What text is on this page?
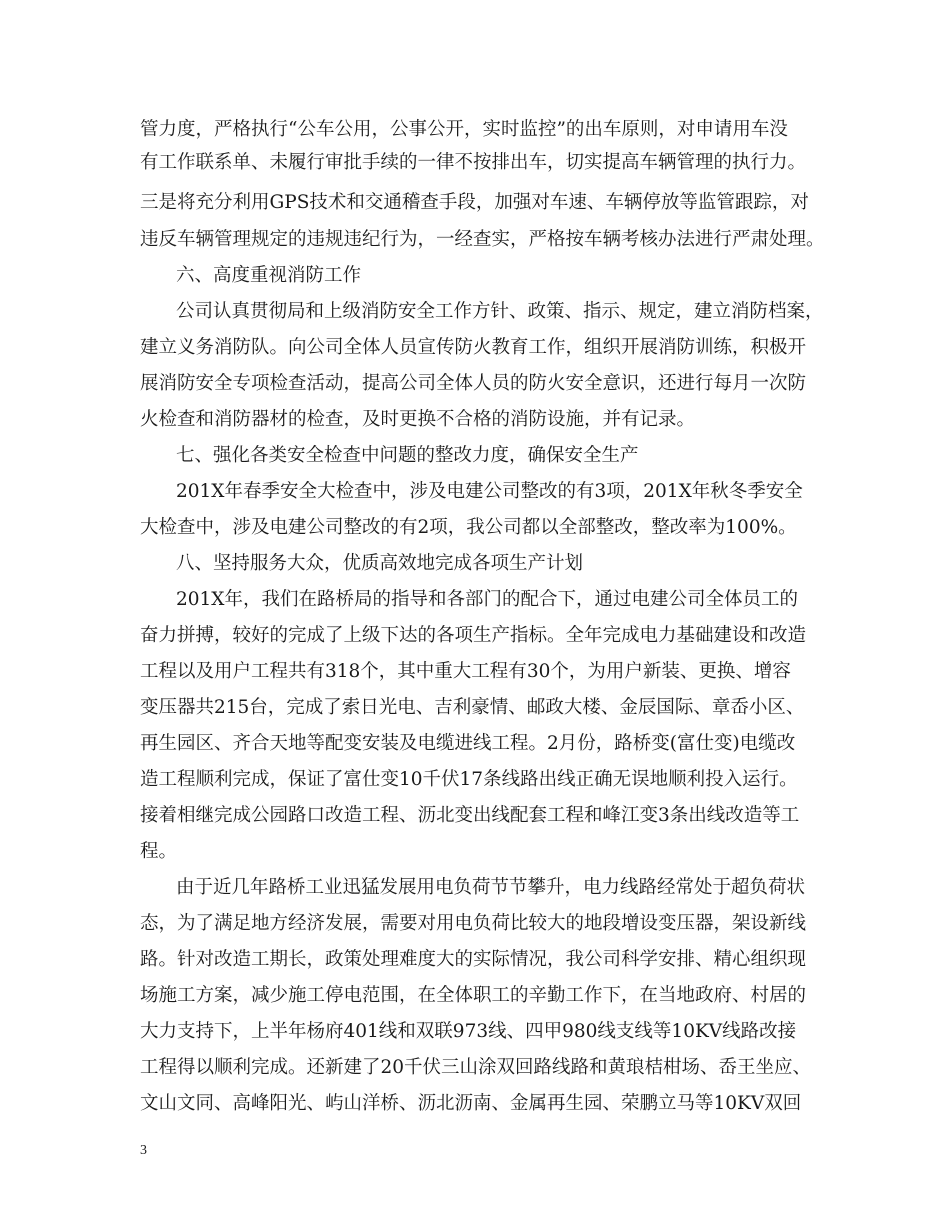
管力度，严格执行“公车公用，公事公开，实时监控”的出车原则，对申请用车没
有工作联系单、未履行审批手续的一律不按排出车，切实提高车辆管理的执行力。
三是将充分利用GPS技术和交通稽查手段，加强对车速、车辆停放等监管跟踪，对
违反车辆管理规定的违规违纪行为，一经查实，严格按车辆考核办法进行严肃处理。
六、高度重视消防工作
公司认真贯彻局和上级消防安全工作方针、政策、指示、规定，建立消防档案，
建立义务消防队。向公司全体人员宣传防火教育工作，组织开展消防训练，积极开
展消防安全专项检查活动，提高公司全体人员的防火安全意识，还进行每月一次防
火检查和消防器材的检查，及时更换不合格的消防设施，并有记录。
七、强化各类安全检查中问题的整改力度，确保安全生产
201X年春季安全大检查中，涉及电建公司整改的有3项，201X年秋冬季安全
大检查中，涉及电建公司整改的有2项，我公司都以全部整改，整改率为100%。
八、坚持服务大众，优质高效地完成各项生产计划
201X年，我们在路桥局的指导和各部门的配合下，通过电建公司全体员工的
奋力拼搏，较好的完成了上级下达的各项生产指标。全年完成电力基础建设和改造
工程以及用户工程共有318个，其中重大工程有30个，为用户新装、更换、增容
变压器共215台，完成了索日光电、吉利豪情、邮政大楼、金辰国际、章岙小区、
再生园区、齐合天地等配变安装及电缆进线工程。2月份，路桥变(富仕变)电缆改
造工程顺利完成，保证了富仕变10千伏17条线路出线正确无误地顺利投入运行。
接着相继完成公园路口改造工程、沥北变出线配套工程和峰江变3条出线改造等工
程。
由于近几年路桥工业迅猛发展用电负荷节节攀升，电力线路经常处于超负荷状
态，为了满足地方经济发展，需要对用电负荷比较大的地段增设变压器，架设新线
路。针对改造工期长，政策处理难度大的实际情况，我公司科学安排、精心组织现
场施工方案，减少施工停电范围，在全体职工的辛勤工作下，在当地政府、村居的
大力支持下，上半年杨府401线和双联973线、四甲980线支线等10KV线路改接
工程得以顺利完成。还新建了20千伏三山涂双回路线路和黄琅桔柑场、岙王坐应、
文山文同、高峰阳光、屿山洋桥、沥北沥南、金属再生园、荣鹏立马等10KV双回
3
